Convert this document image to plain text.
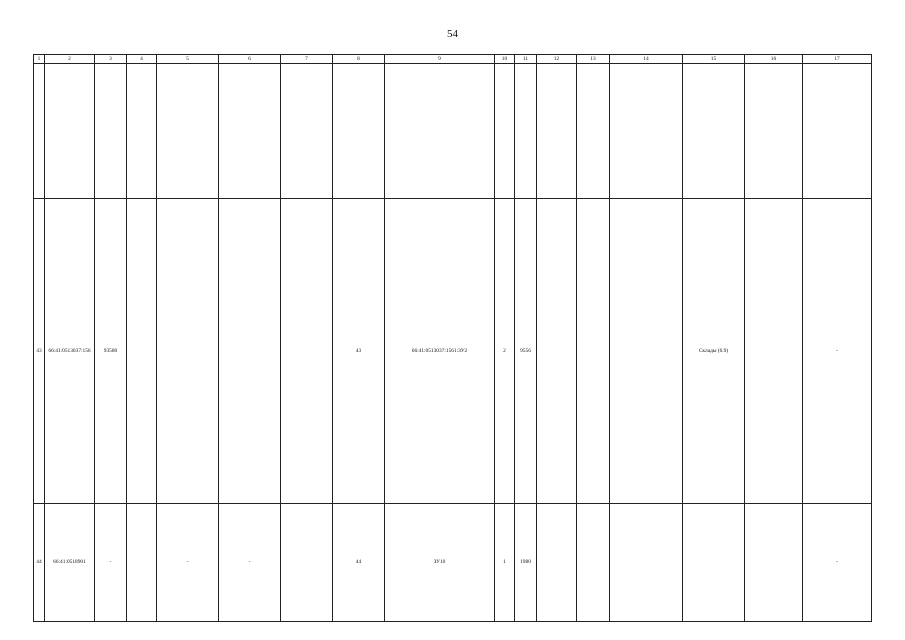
54
1	2	3	4	5	6	7	8	9	10	11	12	13	14	15	16	17

43	66:41:0513037:156	93580					43	66:41:0513037:1561:ЗУ2	2	9556				Склады (6.9)		-
44	66:41:0518901	-		-	-		44	ЗУ10	1	1980						-
